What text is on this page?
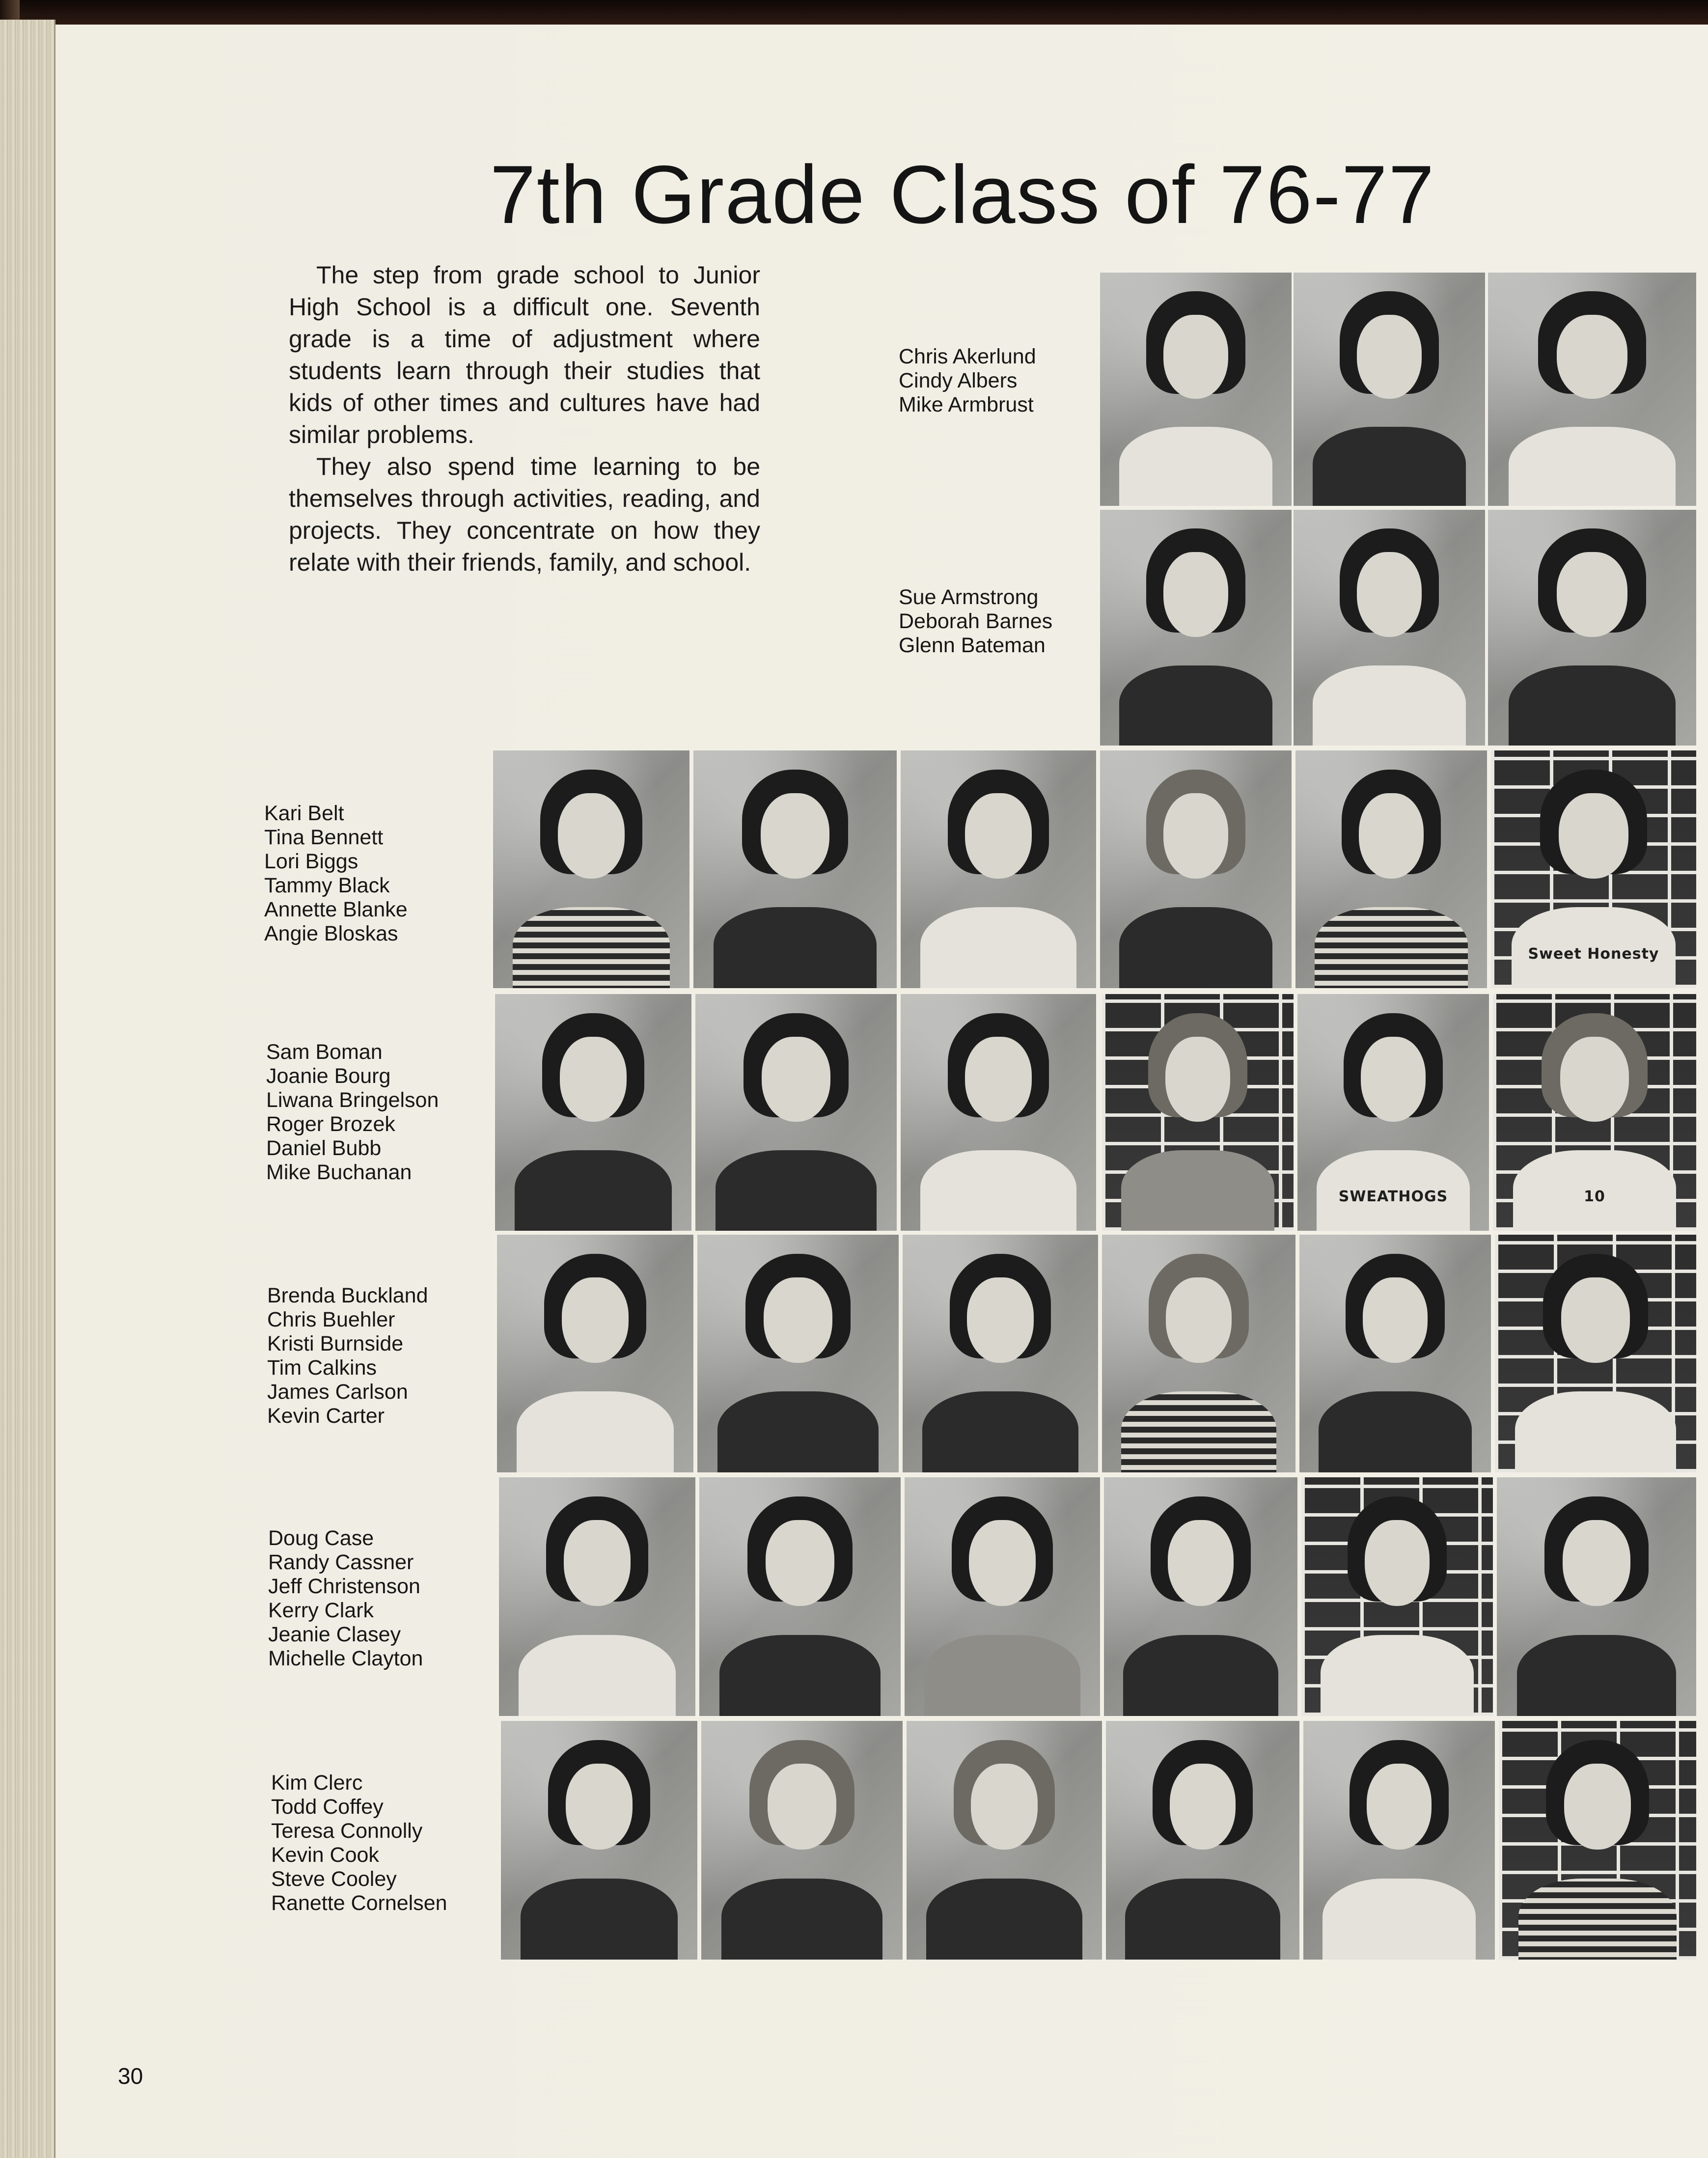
7th Grade Class of 76-77

The step from grade school to Junior High School is a difficult one. Seventh grade is a time of adjustment where students learn through their studies that kids of other times and cultures have had similar problems.

They also spend time learning to be themselves through activities, reading, and projects. They concentrate on how they relate with their friends, family, and school.

Chris Akerlund
Cindy Albers
Mike Armbrust
Sue Armstrong
Deborah Barnes
Glenn Bateman
Kari Belt
Tina Bennett
Lori Biggs
Tammy Black
Annette Blanke
Angie Bloskas
Sam Boman
Joanie Bourg
Liwana Bringelson
Roger Brozek
Daniel Bubb
Mike Buchanan
Brenda Buckland
Chris Buehler
Kristi Burnside
Tim Calkins
James Carlson
Kevin Carter
Doug Case
Randy Cassner
Jeff Christenson
Kerry Clark
Jeanie Clasey
Michelle Clayton
Kim Clerc
Todd Coffey
Teresa Connolly
Kevin Cook
Steve Cooley
Ranette Cornelsen
Sweet Honesty
SWEATHOGS	10
30
